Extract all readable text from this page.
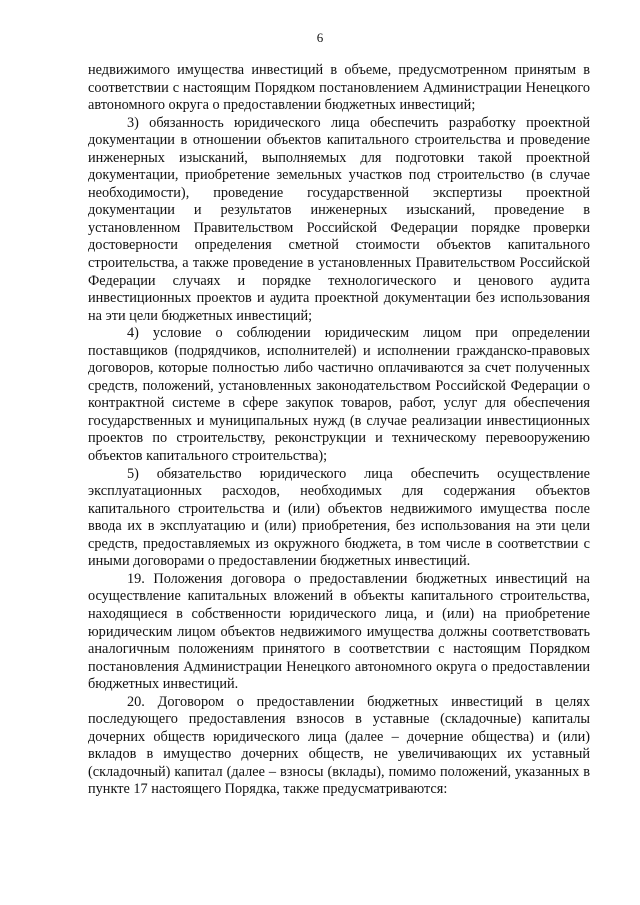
6

недвижимого имущества инвестиций в объеме, предусмотренном принятым в соответствии с настоящим Порядком постановлением Администрации Ненецкого автономного округа о предоставлении бюджетных инвестиций;

3) обязанность юридического лица обеспечить разработку проектной документации в отношении объектов капитального строительства и проведение инженерных изысканий, выполняемых для подготовки такой проектной документации, приобретение земельных участков под строительство (в случае необходимости), проведение государственной экспертизы проектной документации и результатов инженерных изысканий, проведение в установленном Правительством Российской Федерации порядке проверки достоверности определения сметной стоимости объектов капитального строительства, а также проведение в установленных Правительством Российской Федерации случаях и порядке технологического и ценового аудита инвестиционных проектов и аудита проектной документации без использования на эти цели бюджетных инвестиций;

4) условие о соблюдении юридическим лицом при определении поставщиков (подрядчиков, исполнителей) и исполнении гражданско-правовых договоров, которые полностью либо частично оплачиваются за счет полученных средств, положений, установленных законодательством Российской Федерации о контрактной системе в сфере закупок товаров, работ, услуг для обеспечения государственных и муниципальных нужд (в случае реализации инвестиционных проектов по строительству, реконструкции и техническому перевооружению объектов капитального строительства);

5) обязательство юридического лица обеспечить осуществление эксплуатационных расходов, необходимых для содержания объектов капитального строительства и (или) объектов недвижимого имущества после ввода их в эксплуатацию и (или) приобретения, без использования на эти цели средств, предоставляемых из окружного бюджета, в том числе в соответствии с иными договорами о предоставлении бюджетных инвестиций.

19. Положения договора о предоставлении бюджетных инвестиций на осуществление капитальных вложений в объекты капитального строительства, находящиеся в собственности юридического лица, и (или) на приобретение юридическим лицом объектов недвижимого имущества должны соответствовать аналогичным положениям принятого в соответствии с настоящим Порядком постановления Администрации Ненецкого автономного округа о предоставлении бюджетных инвестиций.

20. Договором о предоставлении бюджетных инвестиций в целях последующего предоставления взносов в уставные (складочные) капиталы дочерних обществ юридического лица (далее – дочерние общества) и (или) вкладов в имущество дочерних обществ, не увеличивающих их уставный (складочный) капитал (далее – взносы (вклады), помимо положений, указанных в пункте 17 настоящего Порядка, также предусматриваются:
